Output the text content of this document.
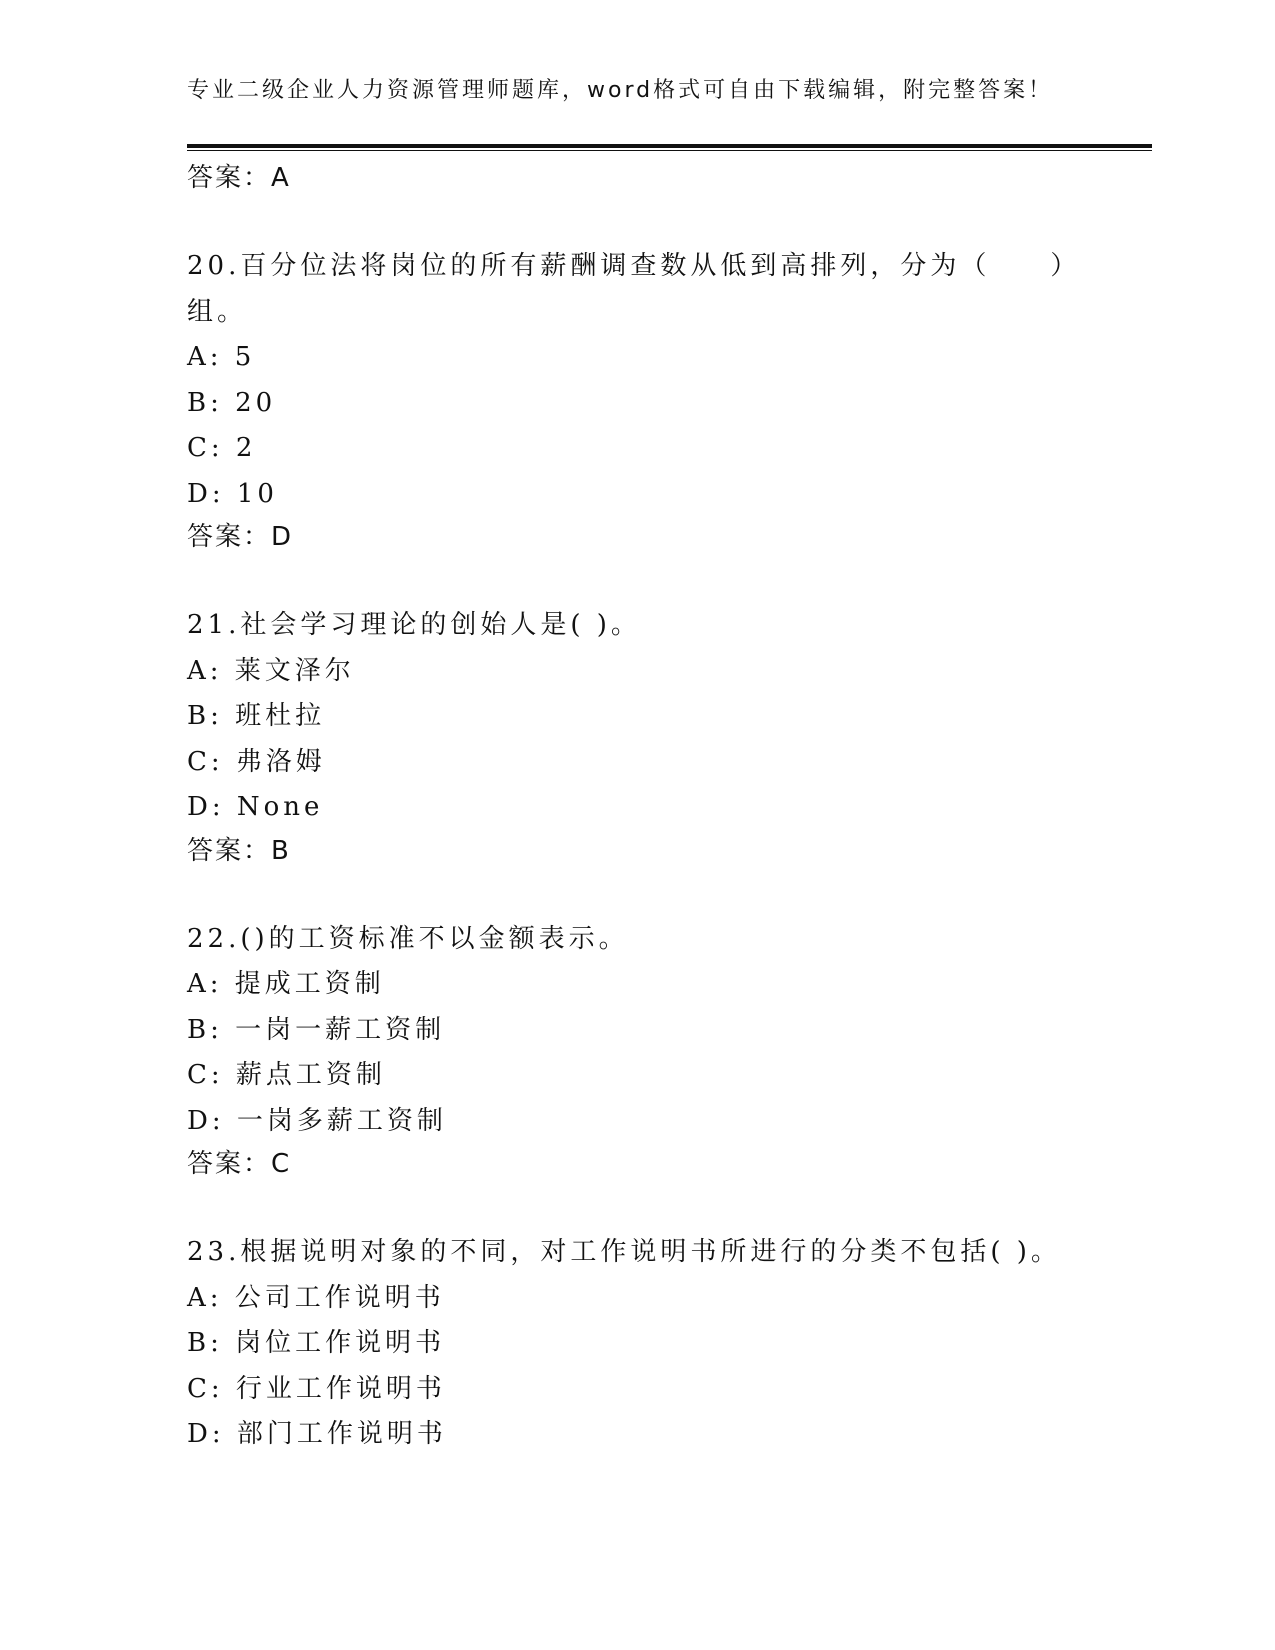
专业二级企业人力资源管理师题库，word格式可自由下载编辑，附完整答案！
答案：A
20.百分位法将岗位的所有薪酬调查数从低到高排列，分为（　　）组。
A: 5
B: 20
C: 2
D: 10
答案：D
21.社会学习理论的创始人是( )。
A: 莱文泽尔
B: 班杜拉
C: 弗洛姆
D: None
答案：B
22.()的工资标准不以金额表示。
A: 提成工资制
B: 一岗一薪工资制
C: 薪点工资制
D: 一岗多薪工资制
答案：C
23.根据说明对象的不同，对工作说明书所进行的分类不包括( )。
A: 公司工作说明书
B: 岗位工作说明书
C: 行业工作说明书
D: 部门工作说明书
